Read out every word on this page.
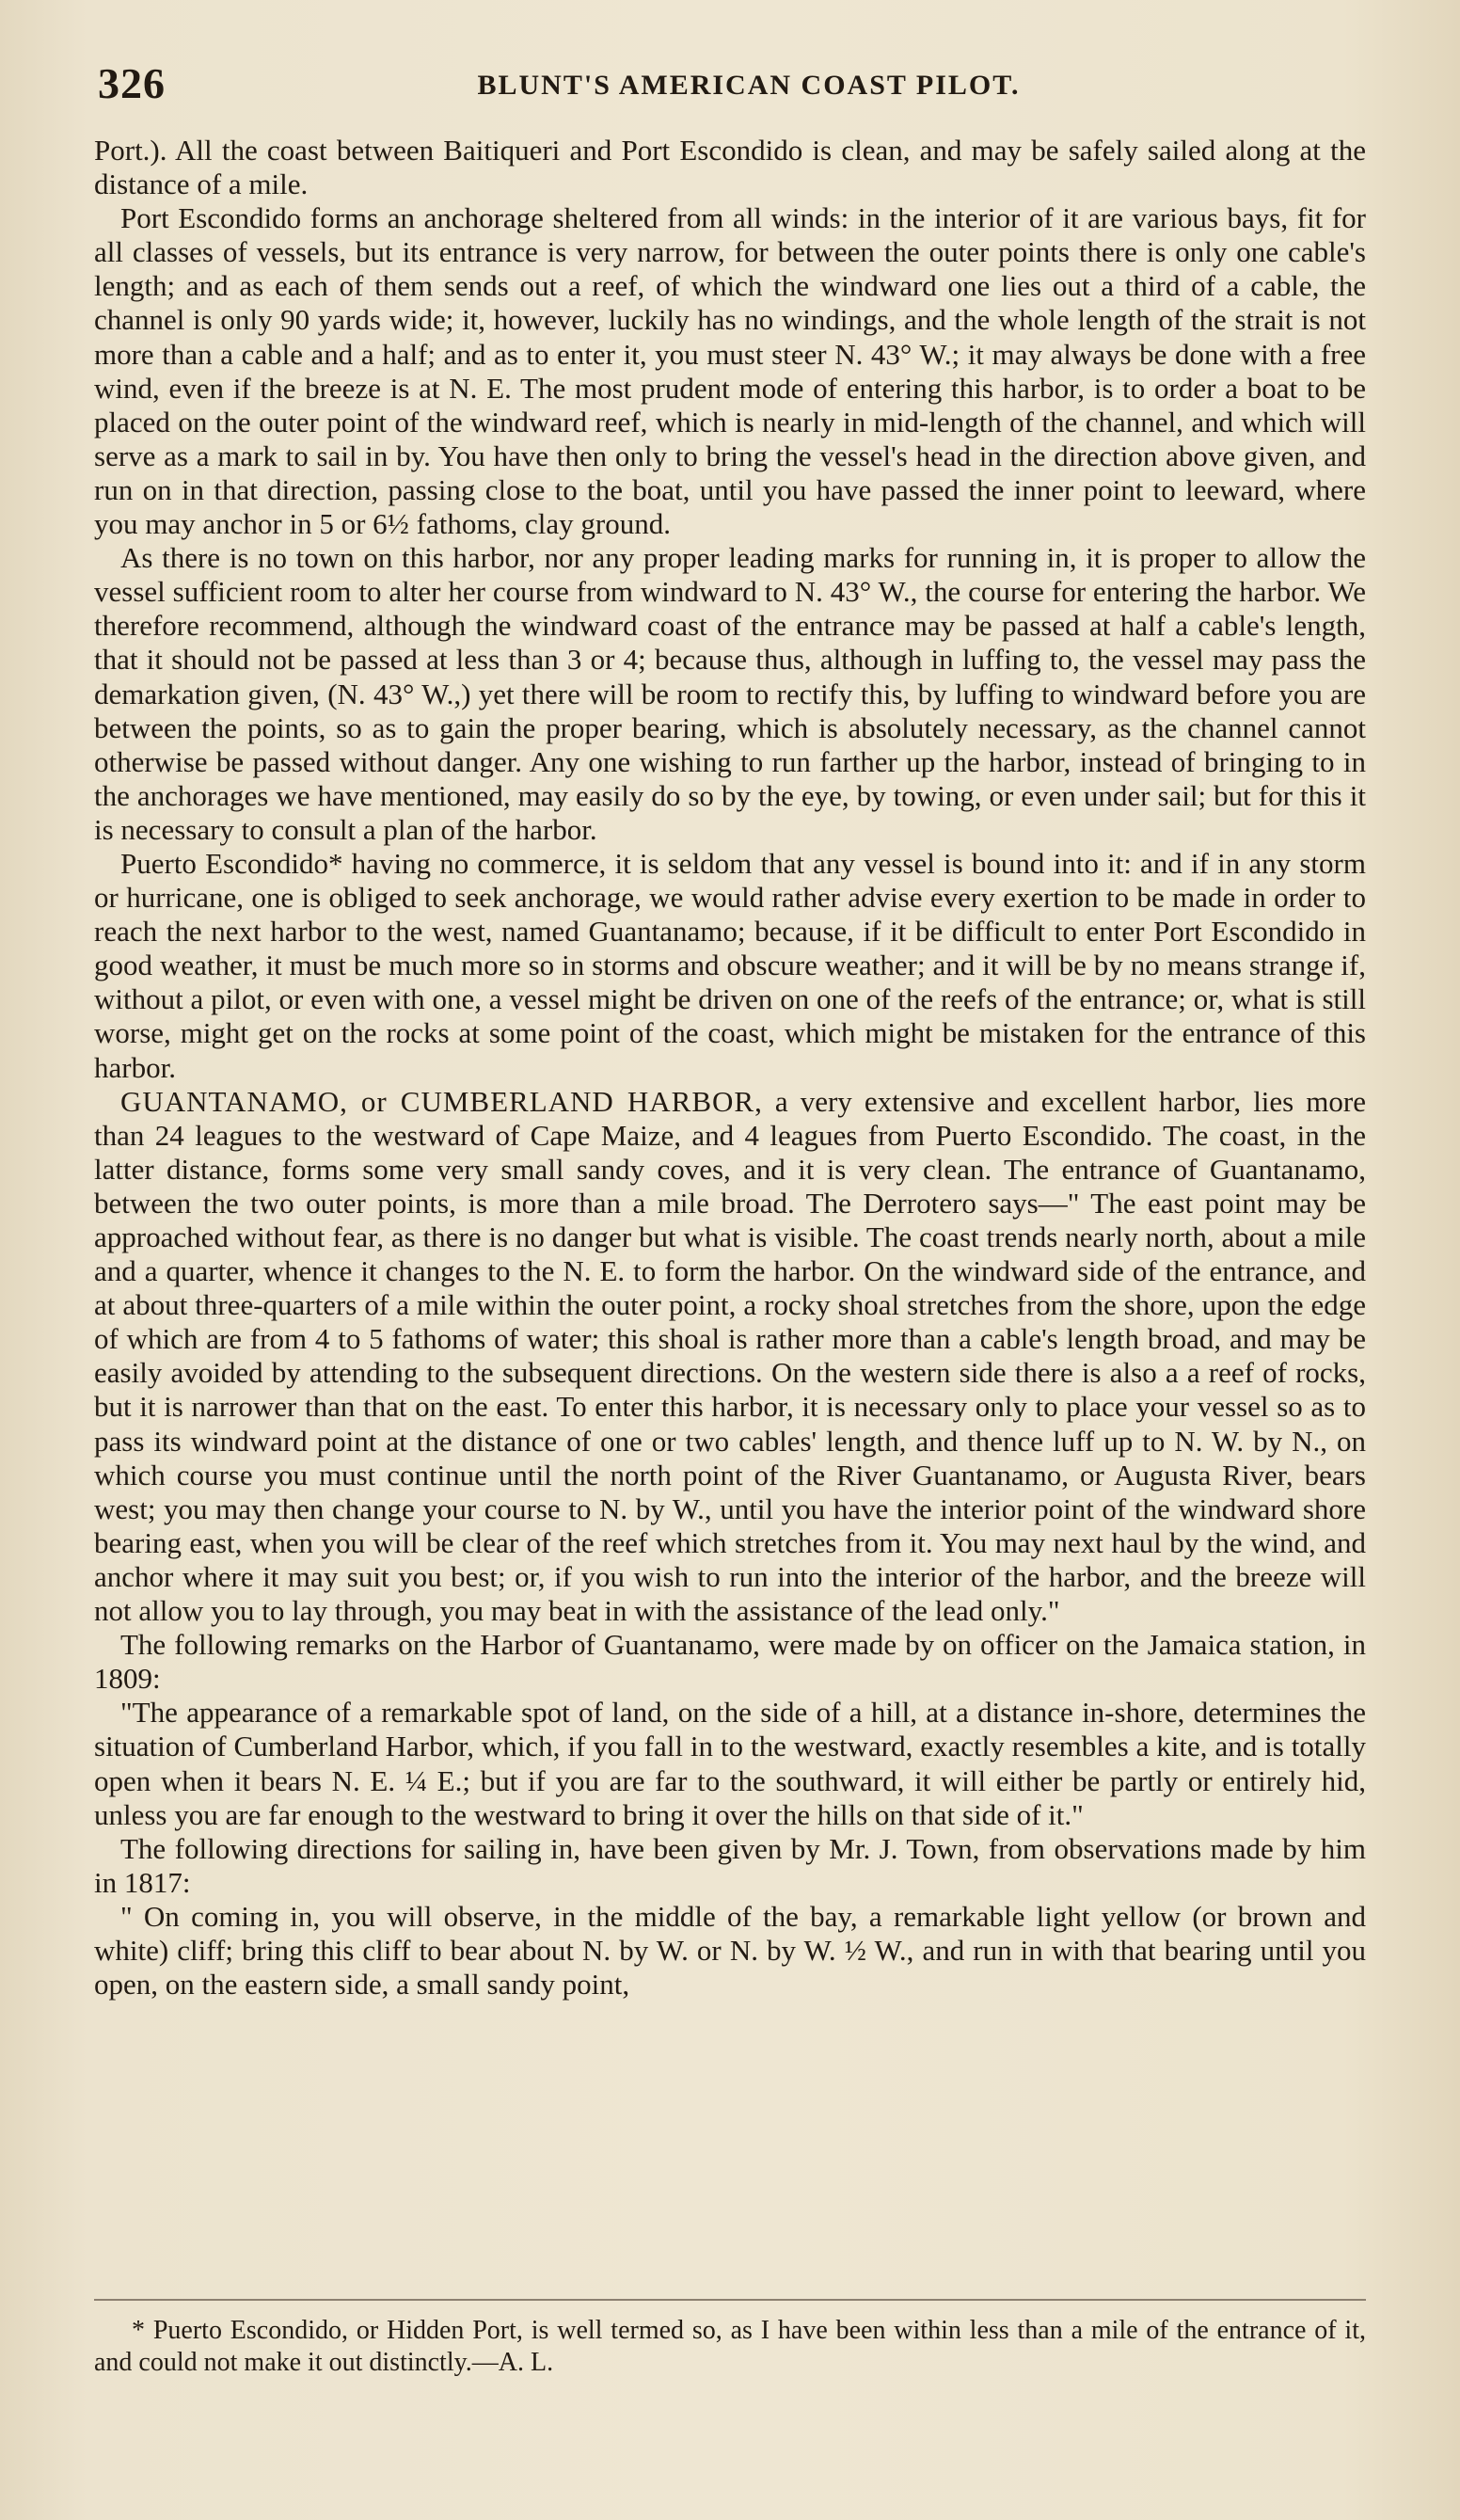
326	BLUNT'S AMERICAN COAST PILOT.

Port.). All the coast between Baitiqueri and Port Escondido is clean, and may be safely sailed along at the distance of a mile.

Port Escondido forms an anchorage sheltered from all winds: in the interior of it are various bays, fit for all classes of vessels, but its entrance is very narrow, for between the outer points there is only one cable's length; and as each of them sends out a reef, of which the windward one lies out a third of a cable, the channel is only 90 yards wide; it, however, luckily has no windings, and the whole length of the strait is not more than a cable and a half; and as to enter it, you must steer N. 43° W.; it may always be done with a free wind, even if the breeze is at N. E. The most prudent mode of entering this harbor, is to order a boat to be placed on the outer point of the windward reef, which is nearly in mid-length of the channel, and which will serve as a mark to sail in by. You have then only to bring the vessel's head in the direction above given, and run on in that direction, passing close to the boat, until you have passed the inner point to leeward, where you may anchor in 5 or 6½ fathoms, clay ground.

As there is no town on this harbor, nor any proper leading marks for running in, it is proper to allow the vessel sufficient room to alter her course from windward to N. 43° W., the course for entering the harbor. We therefore recommend, although the windward coast of the entrance may be passed at half a cable's length, that it should not be passed at less than 3 or 4; because thus, although in luffing to, the vessel may pass the demarkation given, (N. 43° W.,) yet there will be room to rectify this, by luffing to windward before you are between the points, so as to gain the proper bearing, which is absolutely necessary, as the channel cannot otherwise be passed without danger. Any one wishing to run farther up the harbor, instead of bringing to in the anchorages we have mentioned, may easily do so by the eye, by towing, or even under sail; but for this it is necessary to consult a plan of the harbor.

Puerto Escondido* having no commerce, it is seldom that any vessel is bound into it: and if in any storm or hurricane, one is obliged to seek anchorage, we would rather advise every exertion to be made in order to reach the next harbor to the west, named Guantanamo; because, if it be difficult to enter Port Escondido in good weather, it must be much more so in storms and obscure weather; and it will be by no means strange if, without a pilot, or even with one, a vessel might be driven on one of the reefs of the entrance; or, what is still worse, might get on the rocks at some point of the coast, which might be mistaken for the entrance of this harbor.

GUANTANAMO, or CUMBERLAND HARBOR, a very extensive and excellent harbor, lies more than 24 leagues to the westward of Cape Maize, and 4 leagues from Puerto Escondido. The coast, in the latter distance, forms some very small sandy coves, and it is very clean. The entrance of Guantanamo, between the two outer points, is more than a mile broad. The Derrotero says—" The east point may be approached without fear, as there is no danger but what is visible. The coast trends nearly north, about a mile and a quarter, whence it changes to the N. E. to form the harbor. On the windward side of the entrance, and at about three-quarters of a mile within the outer point, a rocky shoal stretches from the shore, upon the edge of which are from 4 to 5 fathoms of water; this shoal is rather more than a cable's length broad, and may be easily avoided by attending to the subsequent directions. On the western side there is also a a reef of rocks, but it is narrower than that on the east. To enter this harbor, it is necessary only to place your vessel so as to pass its windward point at the distance of one or two cables' length, and thence luff up to N. W. by N., on which course you must continue until the north point of the River Guantanamo, or Augusta River, bears west; you may then change your course to N. by W., until you have the interior point of the windward shore bearing east, when you will be clear of the reef which stretches from it. You may next haul by the wind, and anchor where it may suit you best; or, if you wish to run into the interior of the harbor, and the breeze will not allow you to lay through, you may beat in with the assistance of the lead only."

The following remarks on the Harbor of Guantanamo, were made by on officer on the Jamaica station, in 1809:

"The appearance of a remarkable spot of land, on the side of a hill, at a distance in-shore, determines the situation of Cumberland Harbor, which, if you fall in to the westward, exactly resembles a kite, and is totally open when it bears N. E. ¼ E.; but if you are far to the southward, it will either be partly or entirely hid, unless you are far enough to the westward to bring it over the hills on that side of it."

The following directions for sailing in, have been given by Mr. J. Town, from observations made by him in 1817:

" On coming in, you will observe, in the middle of the bay, a remarkable light yellow (or brown and white) cliff; bring this cliff to bear about N. by W. or N. by W. ½ W., and run in with that bearing until you open, on the eastern side, a small sandy point,

* Puerto Escondido, or Hidden Port, is well termed so, as I have been within less than a mile of the entrance of it, and could not make it out distinctly.—A. L.
